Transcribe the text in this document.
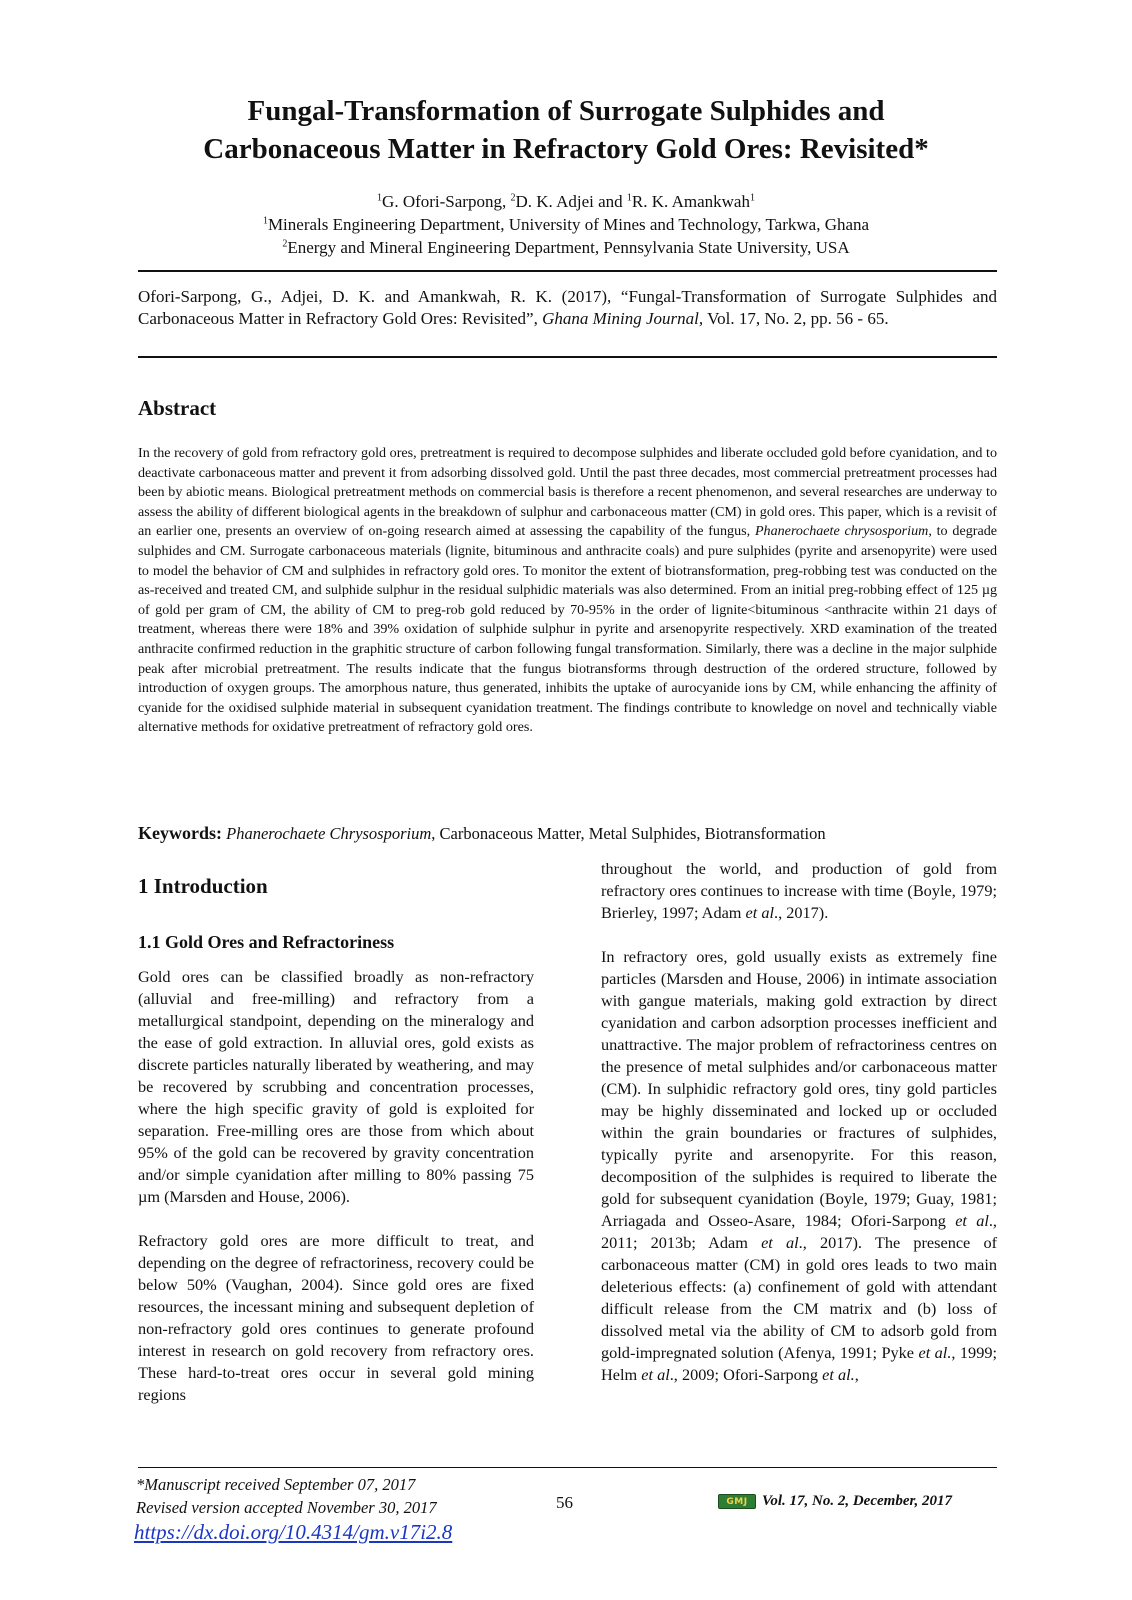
Fungal-Transformation of Surrogate Sulphides and
Carbonaceous Matter in Refractory Gold Ores: Revisited*
$^1$G. Ofori-Sarpong, $^2$D. K. Adjei and $^1$R. K. Amankwah$^1$
$^1$Minerals Engineering Department, University of Mines and Technology, Tarkwa, Ghana
$^2$Energy and Mineral Engineering Department, Pennsylvania State University, USA
Ofori-Sarpong, G., Adjei, D. K. and Amankwah, R. K. (2017), “Fungal-Transformation of Surrogate Sulphides and Carbonaceous Matter in Refractory Gold Ores: Revisited”, Ghana Mining Journal, Vol. 17, No. 2, pp. 56 - 65.
Abstract
In the recovery of gold from refractory gold ores, pretreatment is required to decompose sulphides and liberate occluded gold before cyanidation, and to deactivate carbonaceous matter and prevent it from adsorbing dissolved gold. Until the past three decades, most commercial pretreatment processes had been by abiotic means. Biological pretreatment methods on commercial basis is therefore a recent phenomenon, and several researches are underway to assess the ability of different biological agents in the breakdown of sulphur and carbonaceous matter (CM) in gold ores. This paper, which is a revisit of an earlier one, presents an overview of on-going research aimed at assessing the capability of the fungus, Phanerochaete chrysosporium, to degrade sulphides and CM. Surrogate carbonaceous materials (lignite, bituminous and anthracite coals) and pure sulphides (pyrite and arsenopyrite) were used to model the behavior of CM and sulphides in refractory gold ores. To monitor the extent of biotransformation, preg-robbing test was conducted on the as-received and treated CM, and sulphide sulphur in the residual sulphidic materials was also determined. From an initial preg-robbing effect of 125 µg of gold per gram of CM, the ability of CM to preg-rob gold reduced by 70-95% in the order of lignite<bituminous <anthracite within 21 days of treatment, whereas there were 18% and 39% oxidation of sulphide sulphur in pyrite and arsenopyrite respectively. XRD examination of the treated anthracite confirmed reduction in the graphitic structure of carbon following fungal transformation. Similarly, there was a decline in the major sulphide peak after microbial pretreatment. The results indicate that the fungus biotransforms through destruction of the ordered structure, followed by introduction of oxygen groups. The amorphous nature, thus generated, inhibits the uptake of aurocyanide ions by CM, while enhancing the affinity of cyanide for the oxidised sulphide material in subsequent cyanidation treatment. The findings contribute to knowledge on novel and technically viable alternative methods for oxidative pretreatment of refractory gold ores.
Keywords: Phanerochaete Chrysosporium, Carbonaceous Matter, Metal Sulphides, Biotransformation
1 Introduction
1.1 Gold Ores and Refractoriness

Gold ores can be classified broadly as non-refractory (alluvial and free-milling) and refractory from a metallurgical standpoint, depending on the mineralogy and the ease of gold extraction. In alluvial ores, gold exists as discrete particles naturally liberated by weathering, and may be recovered by scrubbing and concentration processes, where the high specific gravity of gold is exploited for separation. Free-milling ores are those from which about 95% of the gold can be recovered by gravity concentration and/or simple cyanidation after milling to 80% passing 75 µm (Marsden and House, 2006).

Refractory gold ores are more difficult to treat, and depending on the degree of refractoriness, recovery could be below 50% (Vaughan, 2004). Since gold ores are fixed resources, the incessant mining and subsequent depletion of non-refractory gold ores continues to generate profound interest in research on gold recovery from refractory ores. These hard-to-treat ores occur in several gold mining regions

throughout the world, and production of gold from refractory ores continues to increase with time (Boyle, 1979; Brierley, 1997; Adam et al., 2017).

In refractory ores, gold usually exists as extremely fine particles (Marsden and House, 2006) in intimate association with gangue materials, making gold extraction by direct cyanidation and carbon adsorption processes inefficient and unattractive. The major problem of refractoriness centres on the presence of metal sulphides and/or carbonaceous matter (CM). In sulphidic refractory gold ores, tiny gold particles may be highly disseminated and locked up or occluded within the grain boundaries or fractures of sulphides, typically pyrite and arsenopyrite. For this reason, decomposition of the sulphides is required to liberate the gold for subsequent cyanidation (Boyle, 1979; Guay, 1981; Arriagada and Osseo-Asare, 1984; Ofori-Sarpong et al., 2011; 2013b; Adam et al., 2017). The presence of carbonaceous matter (CM) in gold ores leads to two main deleterious effects: (a) confinement of gold with attendant difficult release from the CM matrix and (b) loss of dissolved metal via the ability of CM to adsorb gold from gold-impregnated solution (Afenya, 1991; Pyke et al., 1999; Helm et al., 2009; Ofori-Sarpong et al.,

*Manuscript received September 07, 2017
Revised version accepted November 30, 2017
https://dx.doi.org/10.4314/gm.v17i2.8
56	GMJ Vol. 17, No. 2, December, 2017
